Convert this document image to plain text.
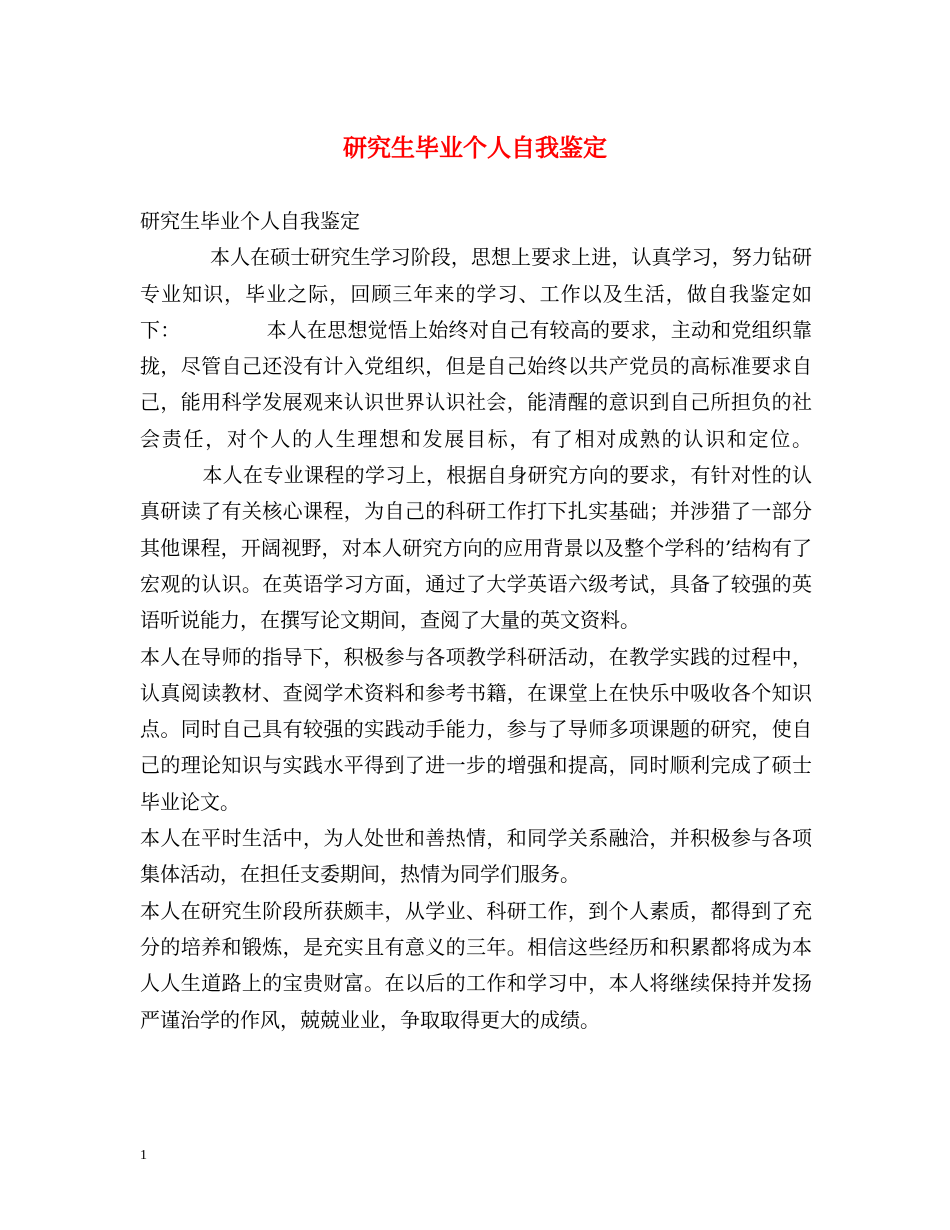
研究生毕业个人自我鉴定

研究生毕业个人自我鉴定

本人在硕士研究生学习阶段，思想上要求上进，认真学习，努力钻研专业知识，毕业之际，回顾三年来的学习、工作以及生活，做自我鉴定如下：	本人在思想觉悟上始终对自己有较高的要求，主动和党组织靠拢，尽管自己还没有计入党组织，但是自己始终以共产党员的高标准要求自己，能用科学发展观来认识世界认识社会，能清醒的意识到自己所担负的社会责任，对个人的人生理想和发展目标，有了相对成熟的认识和定位。本人在专业课程的学习上，根据自身研究方向的要求，有针对性的认真研读了有关核心课程，为自己的科研工作打下扎实基础；并涉猎了一部分其他课程，开阔视野，对本人研究方向的应用背景以及整个学科的’结构有了宏观的认识。在英语学习方面，通过了大学英语六级考试，具备了较强的英语听说能力，在撰写论文期间，查阅了大量的英文资料。

本人在导师的指导下，积极参与各项教学科研活动，在教学实践的过程中，认真阅读教材、查阅学术资料和参考书籍，在课堂上在快乐中吸收各个知识点。同时自己具有较强的实践动手能力，参与了导师多项课题的研究，使自己的理论知识与实践水平得到了进一步的增强和提高，同时顺利完成了硕士毕业论文。

本人在平时生活中，为人处世和善热情，和同学关系融洽，并积极参与各项集体活动，在担任支委期间，热情为同学们服务。

本人在研究生阶段所获颇丰，从学业、科研工作，到个人素质，都得到了充分的培养和锻炼，是充实且有意义的三年。相信这些经历和积累都将成为本人人生道路上的宝贵财富。在以后的工作和学习中，本人将继续保持并发扬严谨治学的作风，兢兢业业，争取取得更大的成绩。

1
